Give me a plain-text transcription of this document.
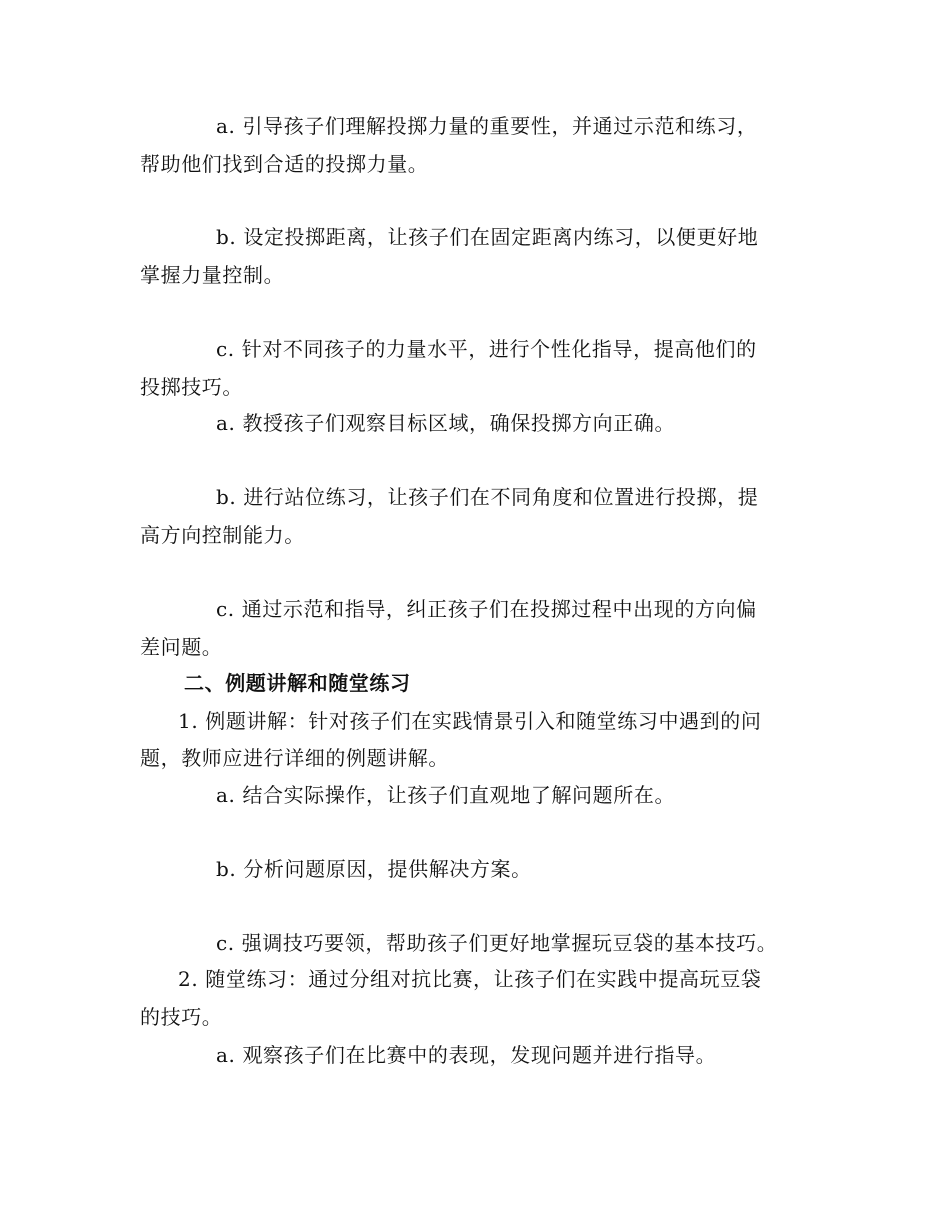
a. 引导孩子们理解投掷力量的重要性，并通过示范和练习，
帮助他们找到合适的投掷力量。
b. 设定投掷距离，让孩子们在固定距离内练习，以便更好地
掌握力量控制。
c. 针对不同孩子的力量水平，进行个性化指导，提高他们的
投掷技巧。
a. 教授孩子们观察目标区域，确保投掷方向正确。
b. 进行站位练习，让孩子们在不同角度和位置进行投掷，提
高方向控制能力。
c. 通过示范和指导，纠正孩子们在投掷过程中出现的方向偏
差问题。
二、例题讲解和随堂练习
1. 例题讲解：针对孩子们在实践情景引入和随堂练习中遇到的问
题，教师应进行详细的例题讲解。
a. 结合实际操作，让孩子们直观地了解问题所在。
b. 分析问题原因，提供解决方案。
c. 强调技巧要领，帮助孩子们更好地掌握玩豆袋的基本技巧。
2. 随堂练习：通过分组对抗比赛，让孩子们在实践中提高玩豆袋
的技巧。
a. 观察孩子们在比赛中的表现，发现问题并进行指导。
